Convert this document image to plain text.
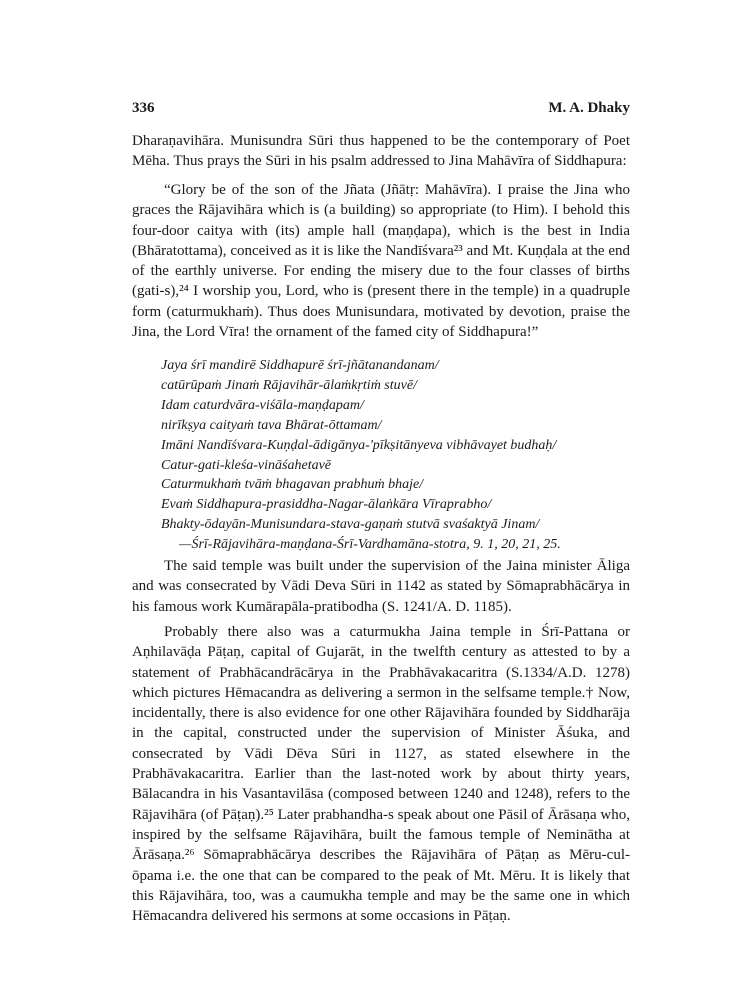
336	M. A. Dhaky

Dharaṇavihāra. Munisundra Sūri thus happened to be the contemporary of Poet Mēha. Thus prays the Sūri in his psalm addressed to Jina Mahāvīra of Siddhapura:

“Glory be of the son of the Jñata (Jñātṛ: Mahāvīra). I praise the Jina who graces the Rājavihāra which is (a building) so appropriate (to Him). I behold this four-door caitya with (its) ample hall (maṇḍapa), which is the best in India (Bhāratottama), conceived as it is like the Nandīśvara²³ and Mt. Kuṇḍala at the end of the earthly universe. For ending the misery due to the four classes of births (gati-s),²⁴ I worship you, Lord, who is (present there in the temple) in a quadruple form (caturmukhaṁ). Thus does Munisundara, motivated by devotion, praise the Jina, the Lord Vīra! the ornament of the famed city of Siddhapura!”

Jaya śrī mandirē Siddhapurē śrī-jñātanandanam/
catūrūpaṁ Jinaṁ Rājavihār-ālaṁkṛtiṁ stuvē/
Idam caturdvāra-viśāla-maṇḍapam/
nirīkṣya caityaṁ tava Bhārat-ōttamam/
Imāni Nandīśvara-Kuṇḍal-ādigānya-'pīkṣitānyeva vibhāvayet budhaḥ/
Catur-gati-kleśa-vināśahetavē
Caturmukhaṁ tvāṁ bhagavan prabhuṁ bhaje/
Evaṁ Siddhapura-prasiddha-Nagar-ālaṅkāra Vīraprabho/
Bhakty-ōdayān-Munisundara-stava-gaṇaṁ stutvā svaśaktyā Jinam/
—Śrī-Rājavihāra-maṇḍana-Śrī-Vardhamāna-stotra, 9. 1, 20, 21, 25.

The said temple was built under the supervision of the Jaina minister Āliga and was consecrated by Vādi Deva Sūri in 1142 as stated by Sōmaprabhācārya in his famous work Kumārapāla-pratibodha (S. 1241/A. D. 1185).

Probably there also was a caturmukha Jaina temple in Śrī-Pattana or Aṇhilavāḍa Pāṭaṇ, capital of Gujarāt, in the twelfth century as attested to by a statement of Prabhācandrācārya in the Prabhāvakacaritra (S.1334/A.D. 1278) which pictures Hēmacandra as delivering a sermon in the selfsame temple.† Now, incidentally, there is also evidence for one other Rājavihāra founded by Siddharāja in the capital, constructed under the supervision of Minister Āśuka, and consecrated by Vādi Dēva Sūri in 1127, as stated elsewhere in the Prabhāvakacaritra. Earlier than the last-noted work by about thirty years, Bālacandra in his Vasantavilāsa (composed between 1240 and 1248), refers to the Rājavihāra (of Pāṭaṇ).²⁵ Later prabhandha-s speak about one Pāsil of Ārāsaṇa who, inspired by the selfsame Rājavihāra, built the famous temple of Neminātha at Ārāsaṇa.²⁶ Sōmaprabhācārya describes the Rājavihāra of Pāṭaṇ as Mēru-cul-ōpama i.e. the one that can be compared to the peak of Mt. Mēru. It is likely that this Rājavihāra, too, was a caumukha temple and may be the same one in which Hēmacandra delivered his sermons at some occasions in Pāṭaṇ.
